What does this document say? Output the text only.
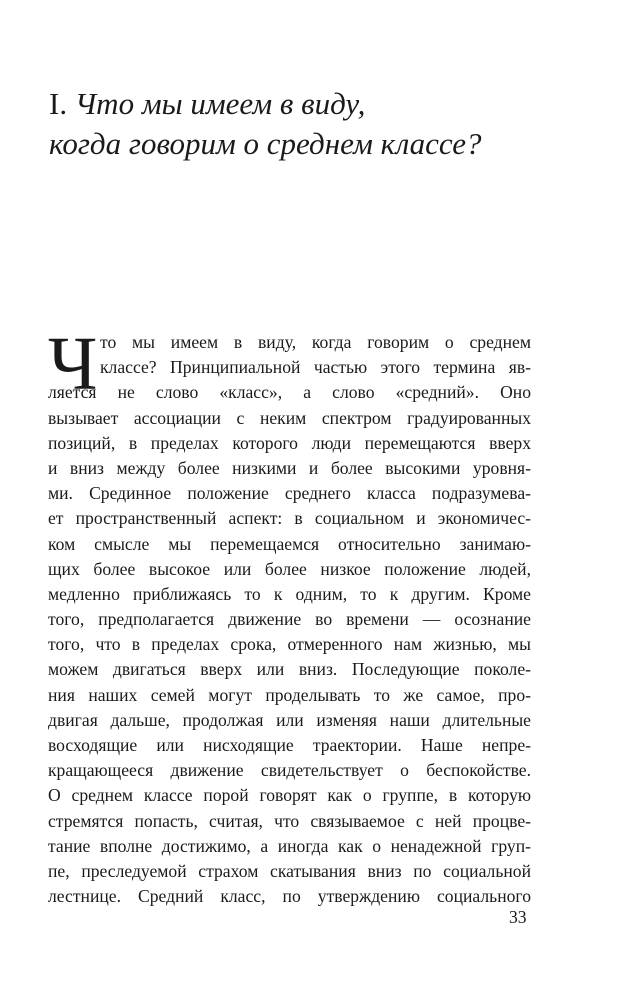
I. Что мы имеем в виду,
когда говорим о среднем классе?
Ч то мы имеем в виду, когда говорим о среднем
классе? Принципиальной частью этого термина яв-
ляется не слово «класс», а слово «средний». Оно
вызывает ассоциации с неким спектром градуированных
позиций, в пределах которого люди перемещаются вверх
и вниз между более низкими и более высокими уровня-
ми. Срединное положение среднего класса подразумева-
ет пространственный аспект: в социальном и экономичес-
ком смысле мы перемещаемся относительно занимаю-
щих более высокое или более низкое положение людей,
медленно приближаясь то к одним, то к другим. Кроме
того, предполагается движение во времени — осознание
того, что в пределах срока, отмеренного нам жизнью, мы
можем двигаться вверх или вниз. Последующие поколе-
ния наших семей могут проделывать то же самое, про-
двигая дальше, продолжая или изменяя наши длительные
восходящие или нисходящие траектории. Наше непре-
кращающееся движение свидетельствует о беспокойстве.
О среднем классе порой говорят как о группе, в которую
стремятся попасть, считая, что связываемое с ней процве-
тание вполне достижимо, а иногда как о ненадежной груп-
пе, преследуемой страхом скатывания вниз по социальной
лестнице. Средний класс, по утверждению социального
33
